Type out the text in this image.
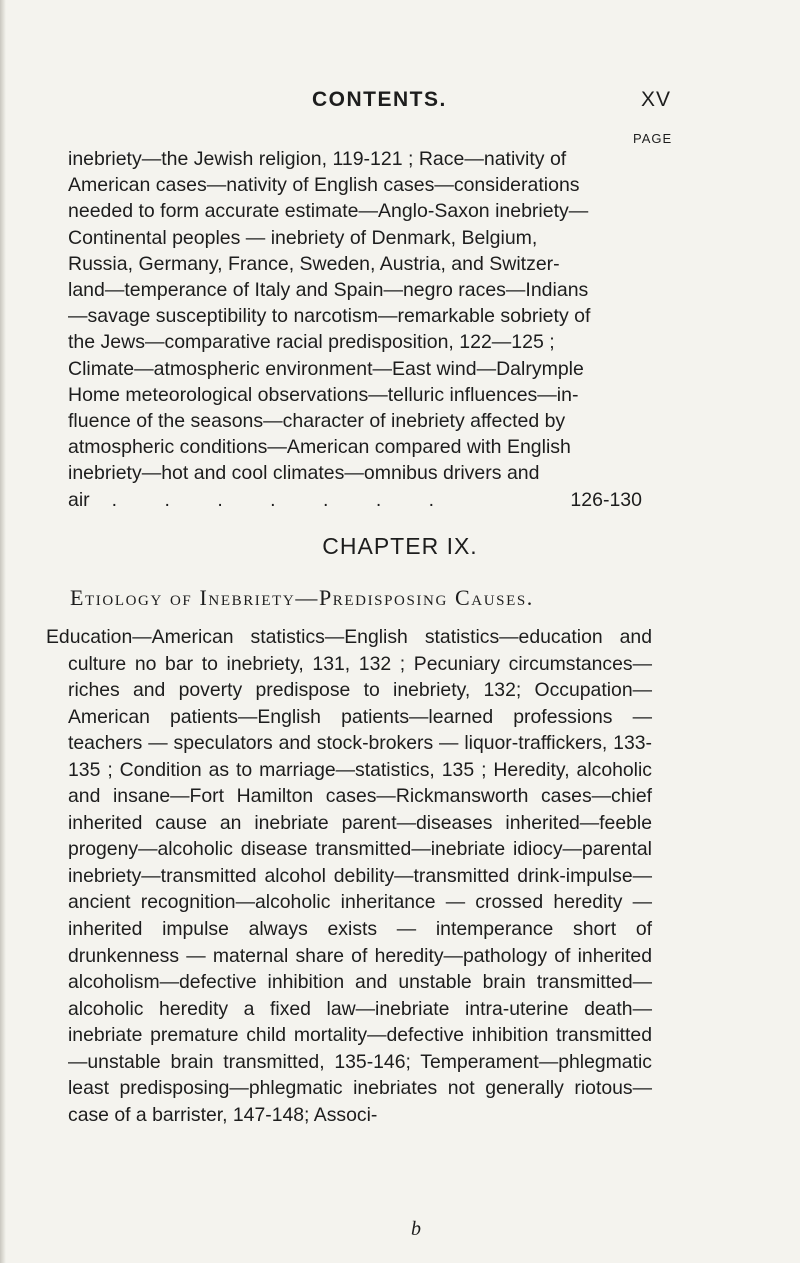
CONTENTS.	XV
PAGE
inebriety—the Jewish religion, 119-121 ; Race—nativity of
American cases—nativity of English cases—considerations
needed to form accurate estimate—Anglo-Saxon inebriety—
Continental peoples — inebriety of Denmark, Belgium,
Russia, Germany, France, Sweden, Austria, and Switzer-
land—temperance of Italy and Spain—negro races—Indians
—savage susceptibility to narcotism—remarkable sobriety of
the Jews—comparative racial predisposition, 122—125 ;
Climate—atmospheric environment—East wind—Dalrymple
Home meteorological observations—telluric influences—in-
fluence of the seasons—character of inebriety affected by
atmospheric conditions—American compared with English
inebriety—hot and cool climates—omnibus drivers and
air	. . . . . . .	126-130
CHAPTER IX.
Etiology of Inebriety—Predisposing Causes.

Education—American statistics—English statistics—education and culture no bar to inebriety, 131, 132 ; Pecuniary circumstances—riches and poverty predispose to inebriety, 132; Occupation—American patients—English patients—learned professions —teachers — speculators and stock-brokers — liquor-traffickers, 133-135 ; Condition as to marriage—statistics, 135 ; Heredity, alcoholic and insane—Fort Hamilton cases—Rickmansworth cases—chief inherited cause an inebriate parent—diseases inherited—feeble progeny—alcoholic disease transmitted—inebriate idiocy—parental inebriety—transmitted alcohol debility—transmitted drink-impulse—ancient recognition—alcoholic inheritance — crossed heredity — inherited impulse always exists — intemperance short of drunkenness — maternal share of heredity—pathology of inherited alcoholism—defective inhibition and unstable brain transmitted—alcoholic heredity a fixed law—inebriate intra-uterine death—inebriate premature child mortality—defective inhibition transmitted—unstable brain transmitted, 135-146; Temperament—phlegmatic least predisposing—phlegmatic inebriates not generally riotous—case of a barrister, 147-148; Associ-

b
